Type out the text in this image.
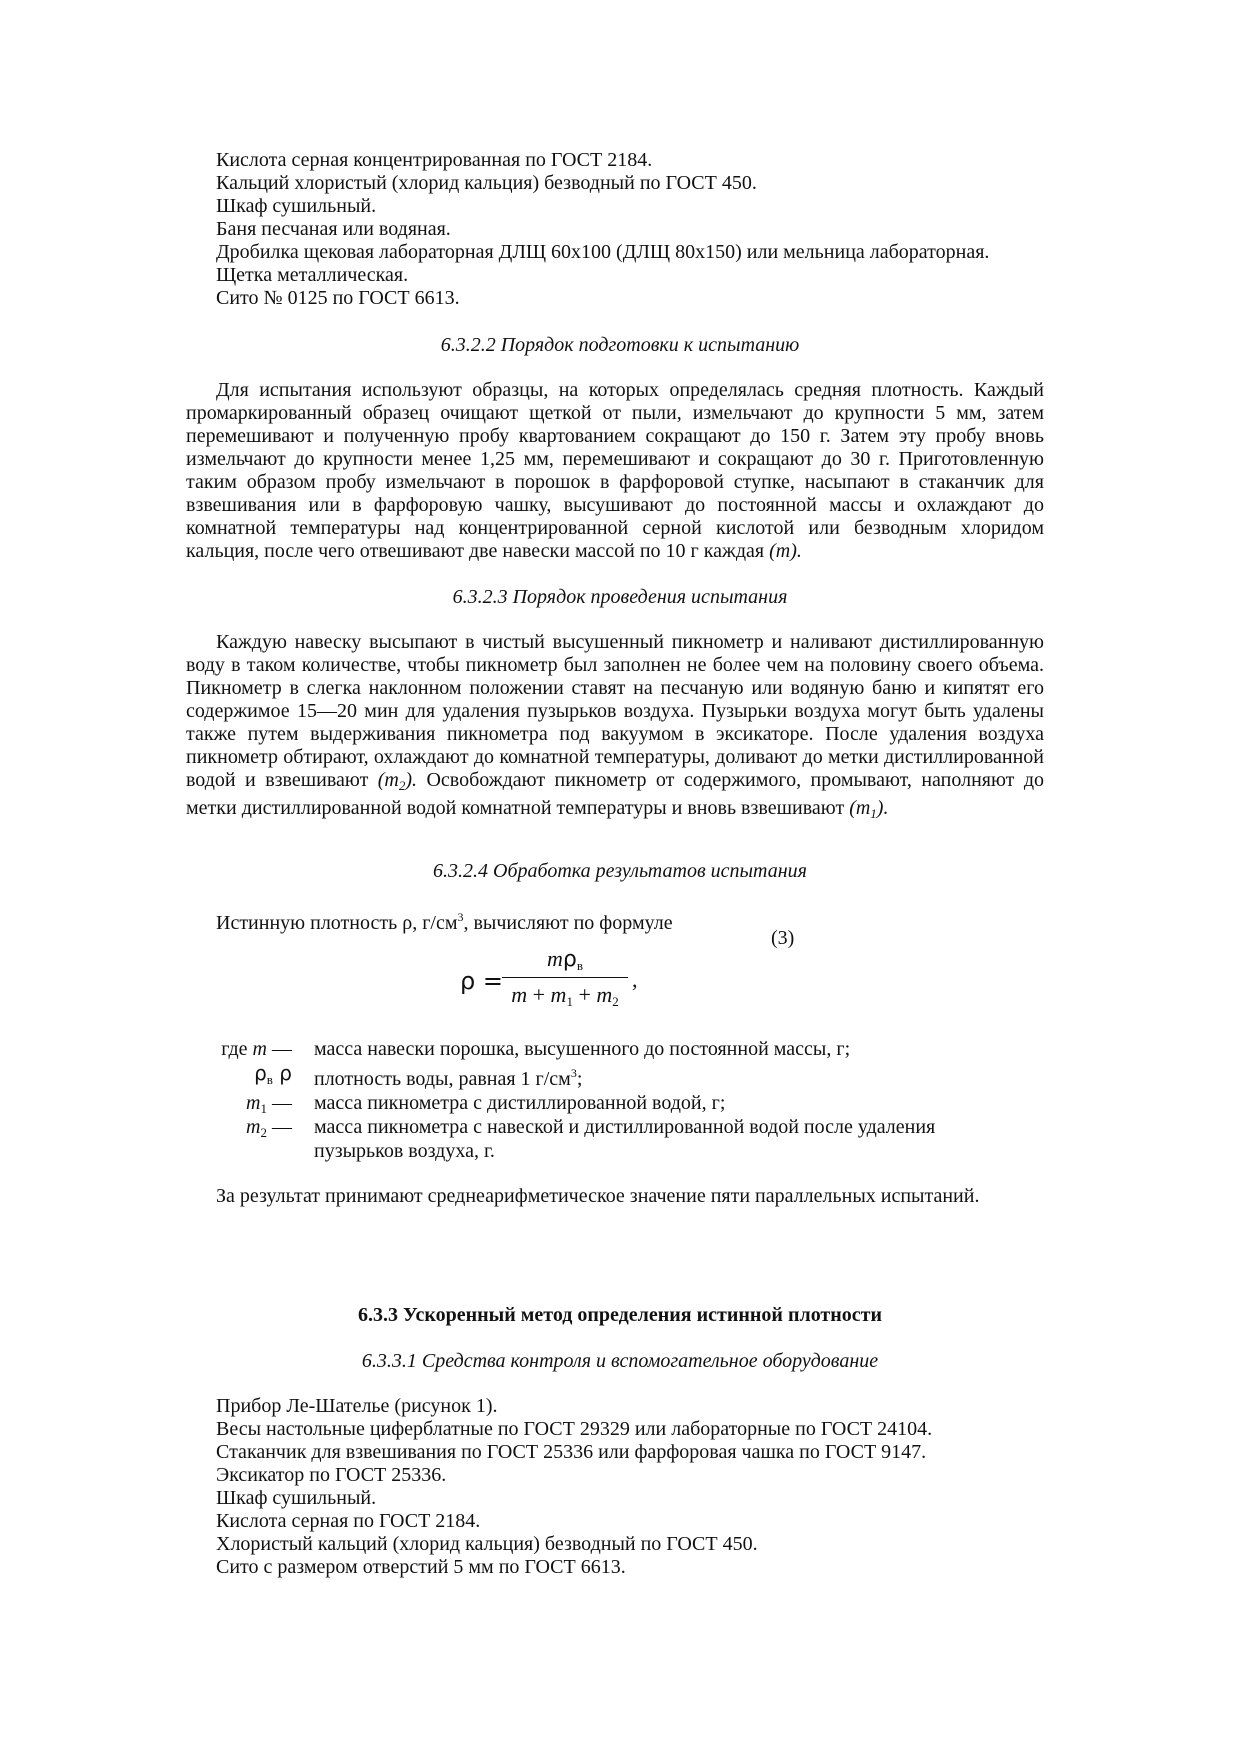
Кислота серная концентрированная по ГОСТ 2184.
Кальций хлористый (хлорид кальция) безводный по ГОСТ 450.
Шкаф сушильный.
Баня песчаная или водяная.
Дробилка щековая лабораторная ДЛЩ 60х100 (ДЛЩ 80х150) или мельница лабораторная.
Щетка металлическая.
Сито № 0125 по ГОСТ 6613.
6.3.2.2 Порядок подготовки к испытанию

Для испытания используют образцы, на которых определялась средняя плотность. Каждый промаркированный образец очищают щеткой от пыли, измельчают до крупности 5 мм, затем перемешивают и полученную пробу квартованием сокращают до 150 г. Затем эту пробу вновь измельчают до крупности менее 1,25 мм, перемешивают и сокращают до 30 г. Приготовленную таким образом пробу измельчают в порошок в фарфоровой ступке, насыпают в стаканчик для взвешивания или в фарфоровую чашку, высушивают до постоянной массы и охлаждают до комнатной температуры над концентрированной серной кислотой или безводным хлоридом кальция, после чего отвешивают две навески массой по 10 г каждая (m).

6.3.2.3 Порядок проведения испытания

Каждую навеску высыпают в чистый высушенный пикнометр и наливают дистиллированную воду в таком количестве, чтобы пикнометр был заполнен не более чем на половину своего объема. Пикнометр в слегка наклонном положении ставят на песчаную или водяную баню и кипятят его содержимое 15—20 мин для удаления пузырьков воздуха. Пузырьки воздуха могут быть удалены также путем выдерживания пикнометра под вакуумом в эксикаторе. После удаления воздуха пикнометр обтирают, охлаждают до комнатной температуры, доливают до метки дистиллированной водой и взвешивают $(m_2)$. Освобождают пикнометр от содержимого, промывают, наполняют до метки дистиллированной водой комнатной температуры и вновь взвешивают $(m_1)$.

6.3.2.4 Обработка результатов испытания
Истинную плотность ρ, $г/см^3$, вычисляют по формуле
(3)
ρ =
$m\rho_в$
$m + m_1 + m_2$
,
где m — масса навески порошка, высушенного до постоянной массы, г;
$\rho_в$ ρ плотность воды, равная 1 $г/см^3$;
$m_1$ — масса пикнометра с дистиллированной водой, г;
$m_2$ — масса пикнометра с навеской и дистиллированной водой после удаления пузырьков воздуха, г.
За результат принимают среднеарифметическое значение пяти параллельных испытаний.
6.3.3 Ускоренный метод определения истинной плотности
6.3.3.1 Средства контроля и вспомогательное оборудование
Прибор Ле-Шателье (рисунок 1).
Весы настольные циферблатные по ГОСТ 29329 или лабораторные по ГОСТ 24104.
Стаканчик для взвешивания по ГОСТ 25336 или фарфоровая чашка по ГОСТ 9147.
Эксикатор по ГОСТ 25336.
Шкаф сушильный.
Кислота серная по ГОСТ 2184.
Хлористый кальций (хлорид кальция) безводный по ГОСТ 450.
Сито с размером отверстий 5 мм по ГОСТ 6613.
